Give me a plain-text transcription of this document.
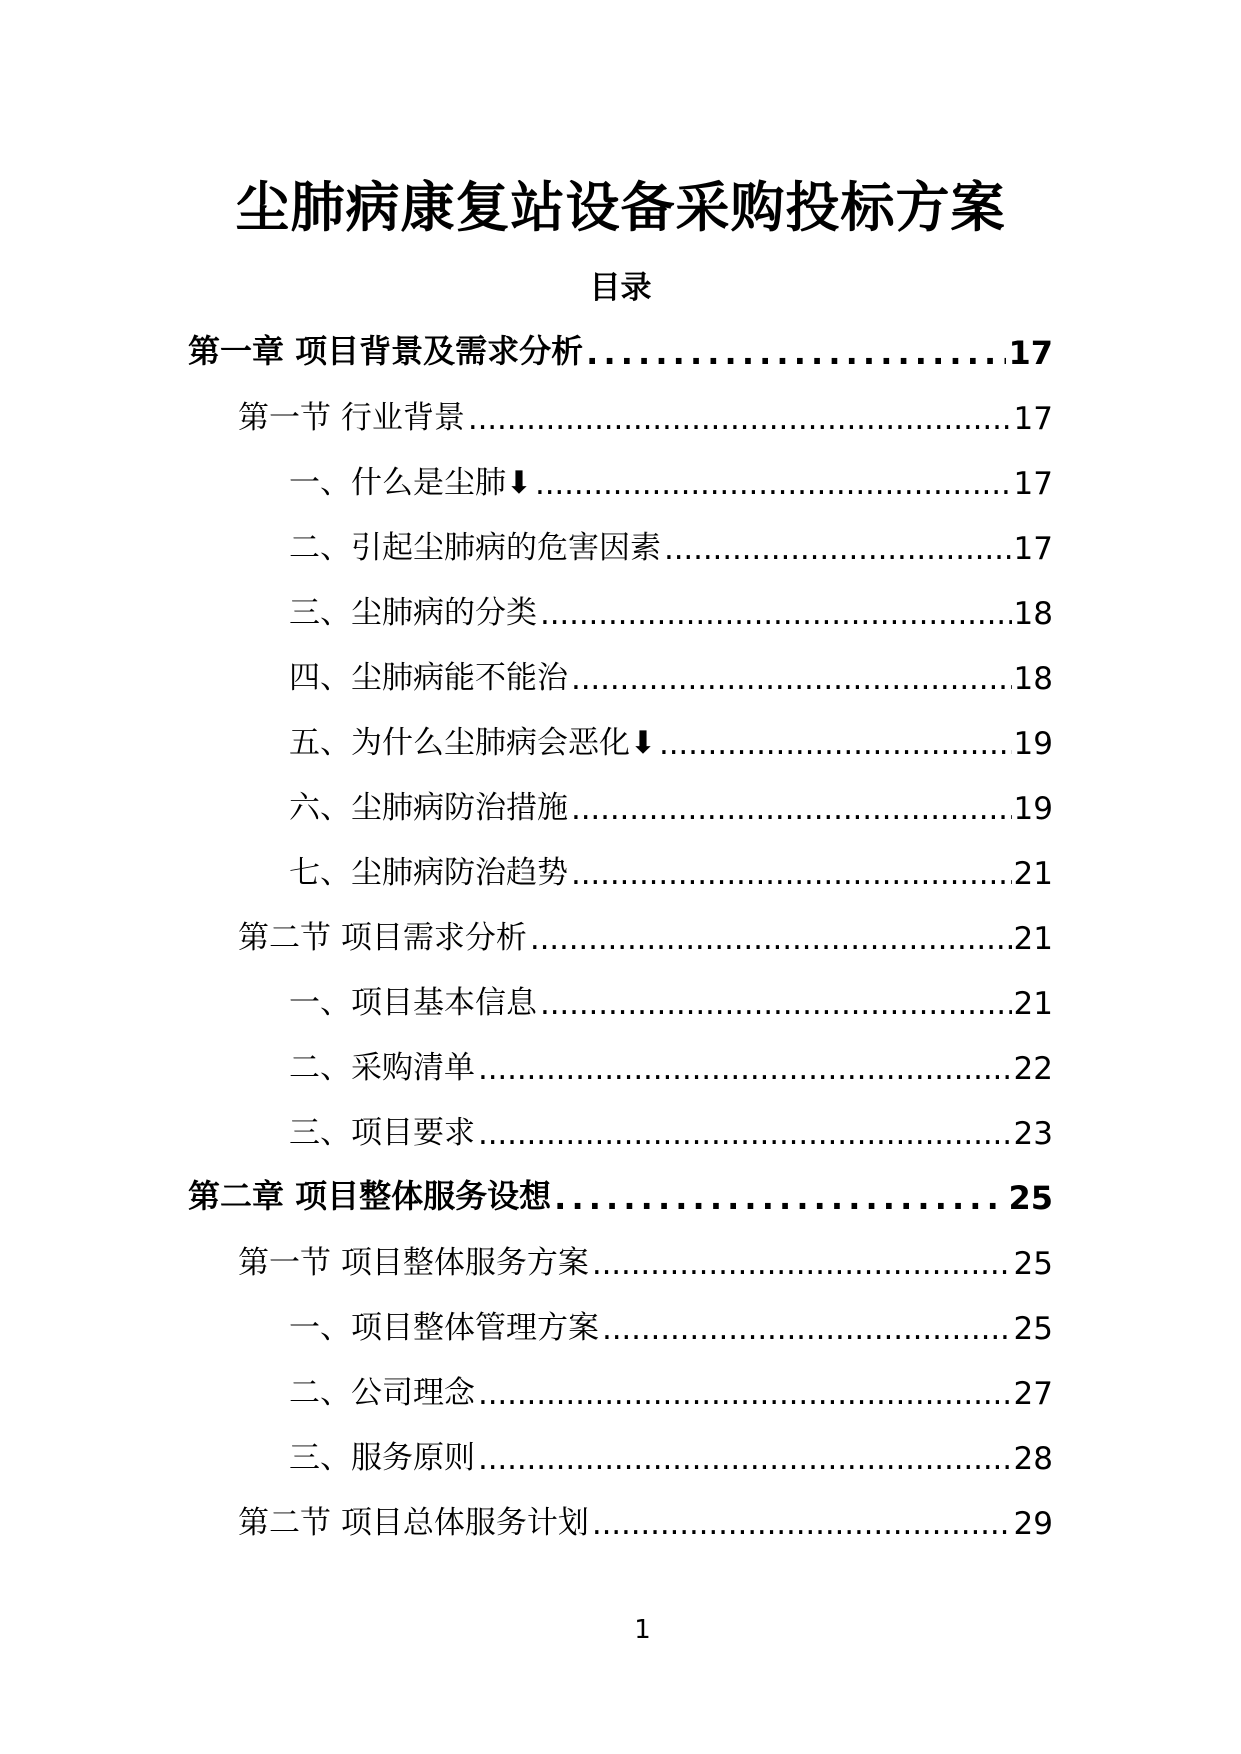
尘肺病康复站设备采购投标方案
目录
第一章 项目背景及需求分析 . . .	17
第一节 行业背景 . . .	17
一、什么是尘肺⬇ . . .	17
二、引起尘肺病的危害因素 . . .	17
三、尘肺病的分类 . . .	18
四、尘肺病能不能治 . . .	18
五、为什么尘肺病会恶化⬇ . . .	19
六、尘肺病防治措施 . . .	19
七、尘肺病防治趋势 . . .	21
第二节 项目需求分析 . . .	21
一、项目基本信息 . . .	21
二、采购清单 . . .	22
三、项目要求 . . .	23
第二章 项目整体服务设想 . . .	25
第一节 项目整体服务方案 . . .	25
一、项目整体管理方案 . . .	25
二、公司理念 . . .	27
三、服务原则 . . .	28
第二节 项目总体服务计划 . . .	29
1
